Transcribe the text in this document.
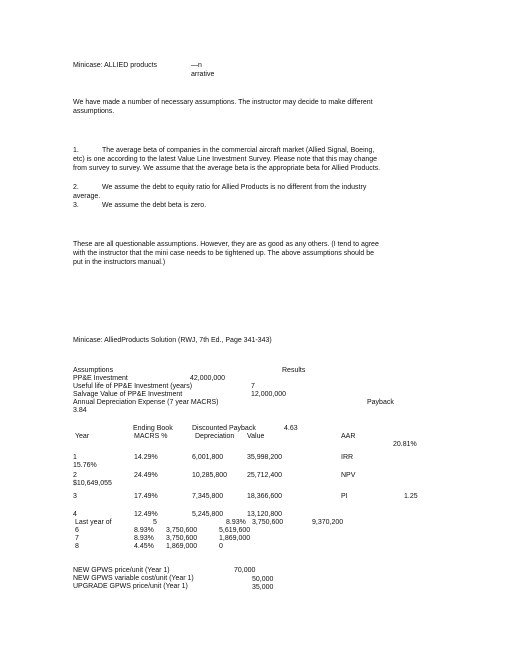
Minicase: ALLIED products	—n
arrative
We have made a number of necessary assumptions. The instructor may decide to make different assumptions.
1.	The average beta of companies in the commercial aircraft market (Allied Signal, Boeing,
etc) is one according to the latest Value Line Investment Survey. Please note that this may change from survey to survey. We assume that the average beta is the appropriate beta for Allied Products.
2.	We assume the debt to equity ratio for Allied Products is no different from the industry
average.
3.	We assume the debt beta is zero.
These are all questionable assumptions. However, they are as good as any others. (I tend to agree with the instructor that the mini case needs to be tightened up. The above assumptions should be put in the instructors manual.)
Minicase: AlliedProducts Solution (RWJ, 7th Ed., Page 341-343)
Assumptions	Results
PP&E Investment	42,000,000
Useful life of PP&E Investment (years)	7
Salvage Value of PP&E Investment	12,000,000
Annual Depreciation Expense (7 year MACRS)	Payback
3.84
Ending Book	Discounted Payback	4.63
Year	MACRS %	Depreciation Value	AAR
20.81%
1	14.29%	6,001,800	35,998,200	IRR
15.76%
2	24.49%	10,285,800	25,712,400	NPV
$10,649,055
3	17.49%	7,345,800	18,366,600	PI	1.25
4	12.49%	5,245,800	13,120,800
Last year of	5	8.93% 3,750,600	9,370,200
6	8.93% 3,750,600	5,619,600
7	8.93% 3,750,600	1,869,000
8	4.45% 1,869,000	0
NEW GPWS price/unit (Year 1)	70,000
NEW GPWS variable cost/unit (Year 1)	50,000
UPGRADE GPWS price/unit (Year 1)	35,000
